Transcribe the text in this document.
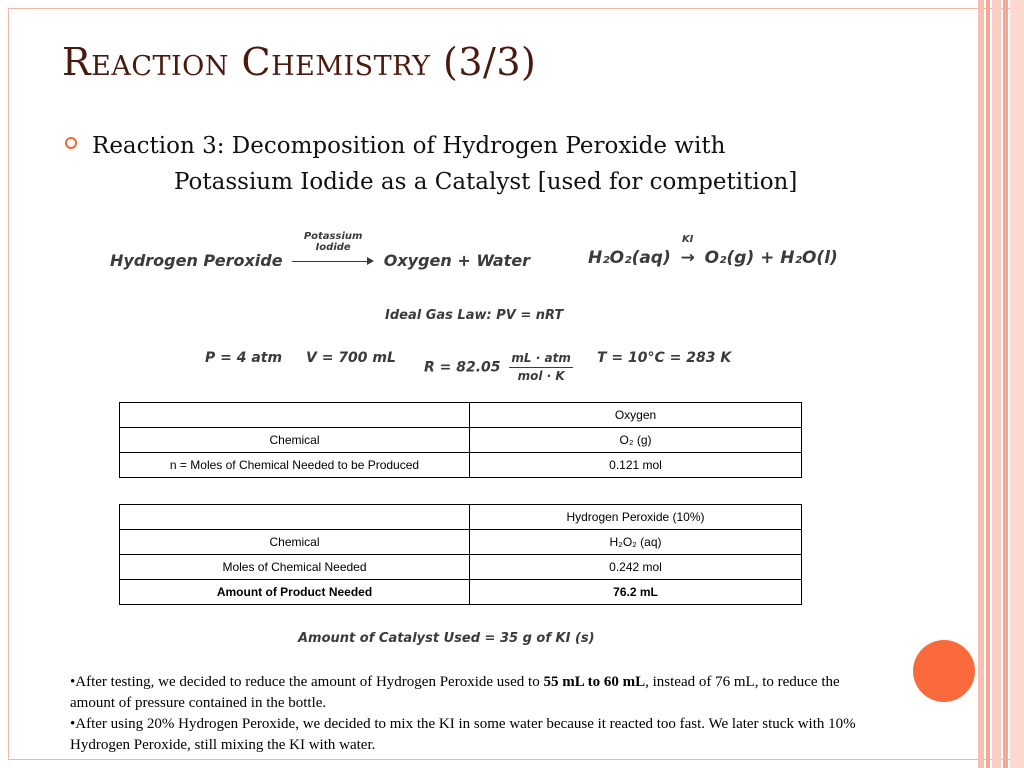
Reaction Chemistry (3/3)
Reaction 3: Decomposition of Hydrogen Peroxide with
Potassium Iodide as a Catalyst [used for competition]
Hydrogen Peroxide
Potassium
Iodide
Oxygen + Water	H₂O₂(aq)
KI
→ O₂(g) + H₂O(l)
Ideal Gas Law: PV = nRT
P = 4 atm V = 700 mL
$R = 82.05 \frac{\text{mL · atm}}{\text{mol · K}}$ T = 10°C = 283 K
	Oxygen
Chemical	O₂ (g)
n = Moles of Chemical Needed to be Produced	0.121 mol
	Hydrogen Peroxide (10%)
Chemical	H₂O₂ (aq)
Moles of Chemical Needed	0.242 mol
Amount of Product Needed	76.2 mL
Amount of Catalyst Used = 35 g of KI (s)

•After testing, we decided to reduce the amount of Hydrogen Peroxide used to 55 mL to 60 mL, instead of 76 mL, to reduce the amount of pressure contained in the bottle.

•After using 20% Hydrogen Peroxide, we decided to mix the KI in some water because it reacted too fast. We later stuck with 10% Hydrogen Peroxide, still mixing the KI with water.
